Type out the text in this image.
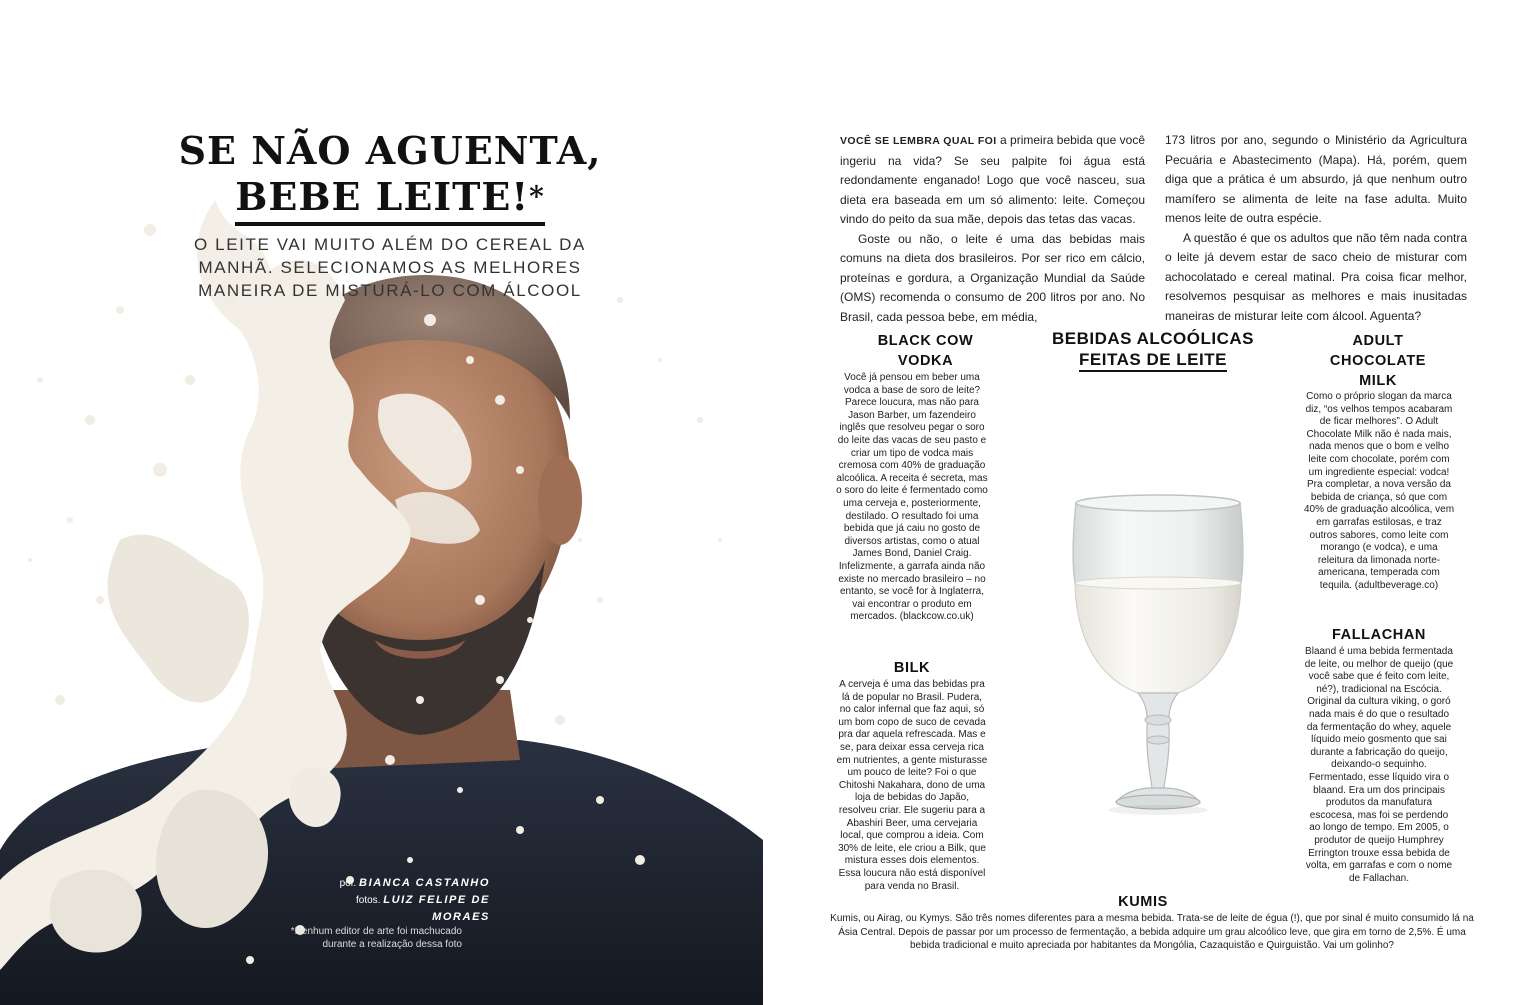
SE NÃO AGUENTA,
BEBE LEITE!*
O LEITE VAI MUITO ALÉM DO CEREAL DA MANHÃ. SELECIONAMOS AS MELHORES MANEIRA DE MISTURÁ-LO COM ÁLCOOL
por. BIANCA CASTANHO
fotos. LUIZ FELIPE DE MORAES
*Nenhum editor de arte foi machucado durante a realização dessa foto

VOCÊ SE LEMBRA QUAL FOI a primeira bebida que você ingeriu na vida? Se seu palpite foi água está redondamente enganado! Logo que você nasceu, sua dieta era baseada em um só alimento: leite. Começou vindo do peito da sua mãe, depois das tetas das vacas.

Goste ou não, o leite é uma das bebidas mais comuns na dieta dos brasileiros. Por ser rico em cálcio, proteínas e gordura, a Organização Mundial da Saúde (OMS) recomenda o consumo de 200 litros por ano. No Brasil, cada pessoa bebe, em média,

173 litros por ano, segundo o Ministério da Agricultura Pecuária e Abastecimento (Mapa). Há, porém, quem diga que a prática é um absurdo, já que nenhum outro mamífero se alimenta de leite na fase adulta. Muito menos leite de outra espécie.

A questão é que os adultos que não têm nada contra o leite já devem estar de saco cheio de misturar com achocolatado e cereal matinal. Pra coisa ficar melhor, resolvemos pesquisar as melhores e mais inusitadas maneiras de misturar leite com álcool. Aguenta?

BLACK COW
VODKA
Você já pensou em beber uma vodca a base de soro de leite? Parece loucura, mas não para Jason Barber, um fazendeiro inglês que resolveu pegar o soro do leite das vacas de seu pasto e criar um tipo de vodca mais cremosa com 40% de graduação alcoólica. A receita é secreta, mas o soro do leite é fermentado como uma cerveja e, posteriormente, destilado. O resultado foi uma bebida que já caiu no gosto de diversos artistas, como o atual James Bond, Daniel Craig. Infelizmente, a garrafa ainda não existe no mercado brasileiro – no entanto, se você for à Inglaterra, vai encontrar o produto em mercados. (blackcow.co.uk)
BILK
A cerveja é uma das bebidas pra lá de popular no Brasil. Pudera, no calor infernal que faz aqui, só um bom copo de suco de cevada pra dar aquela refrescada. Mas e se, para deixar essa cerveja rica em nutrientes, a gente misturasse um pouco de leite? Foi o que Chitoshi Nakahara, dono de uma loja de bebidas do Japão, resolveu criar. Ele sugeriu para a Abashiri Beer, uma cervejaria local, que comprou a ideia. Com 30% de leite, ele criou a Bilk, que mistura esses dois elementos. Essa loucura não está disponível para venda no Brasil.
BEBIDAS ALCOÓLICAS
FEITAS DE LEITE
ADULT
CHOCOLATE
MILK
Como o próprio slogan da marca diz, “os velhos tempos acabaram de ficar melhores”. O Adult Chocolate Milk não é nada mais, nada menos que o bom e velho leite com chocolate, porém com um ingrediente especial: vodca! Pra completar, a nova versão da bebida de criança, só que com 40% de graduação alcoólica, vem em garrafas estilosas, e traz outros sabores, como leite com morango (e vodca), e uma releitura da limonada norte-americana, temperada com tequila. (adultbeverage.co)
FALLACHAN
Blaand é uma bebida fermentada de leite, ou melhor de queijo (que você sabe que é feito com leite, né?), tradicional na Escócia. Original da cultura viking, o goró nada mais é do que o resultado da fermentação do whey, aquele líquido meio gosmento que sai durante a fabricação do queijo, deixando-o sequinho. Fermentado, esse líquido vira o blaand. Era um dos principais produtos da manufatura escocesa, mas foi se perdendo ao longo de tempo. Em 2005, o produtor de queijo Humphrey Errington trouxe essa bebida de volta, em garrafas e com o nome de Fallachan.
KUMIS
Kumis, ou Airag, ou Kymys. São três nomes diferentes para a mesma bebida. Trata-se de leite de égua (!), que por sinal é muito consumido lá na Ásia Central. Depois de passar por um processo de fermentação, a bebida adquire um grau alcoólico leve, que gira em torno de 2,5%. É uma bebida tradicional e muito apreciada por habitantes da Mongólia, Cazaquistão e Quirguistão. Vai um golinho?
